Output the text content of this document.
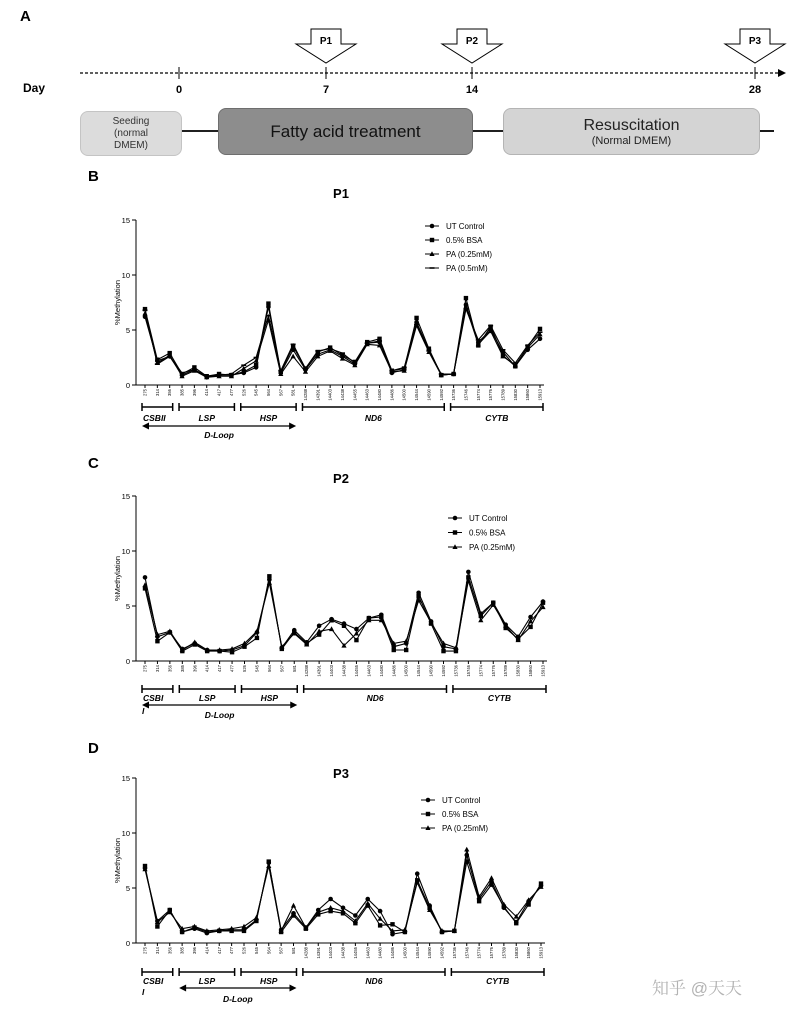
A
Day	0	7	14	28
P1	P2	P3
Seeding
(normal
DMEM)
Fatty acid treatment	Resuscitation
(Normal DMEM)
B
P1
0
5
10
15
%Methylation
275 314 356 385 396 414 417 477 526 545 564 567 581 14288 14391 14403 14438 14455 14463 14480 14486 14500 14544 14590 14592 15736 15746 15774 15776 15789 15830 15860 15913
UT Control
0.5% BSA
PA (0.25mM)
PA (0.5mM)
CSBII	LSP	HSP	ND6	CYTB
D-Loop
C
P2
0
5
10
15
%Methylation
275 314 356 385 396 414 417 477 526 545 564 567 581 14288 14391 14403 14438 14455 14463 14480 14486 14500 14544 14590 14592 15736 15746 15774 15776 15789 15830 15860 15913
UT Control
0.5% BSA
PA (0.25mM)
CSBI	LSP	HSP	ND6	CYTB
I	D-Loop
D
P3
0
5
10
15
%Methylation
275 314 356 385 396 414 417 477 526 545 564 567 581 14288 14391 14403 14438 14455 14463 14480 14486 14500 14544 14590 14592 15736 15746 15774 15776 15789 15830 15860 15913
UT Control
0.5% BSA
PA (0.25mM)
CSBI	LSP	HSP	ND6	CYTB
I
D-Loop
知乎 @天天
